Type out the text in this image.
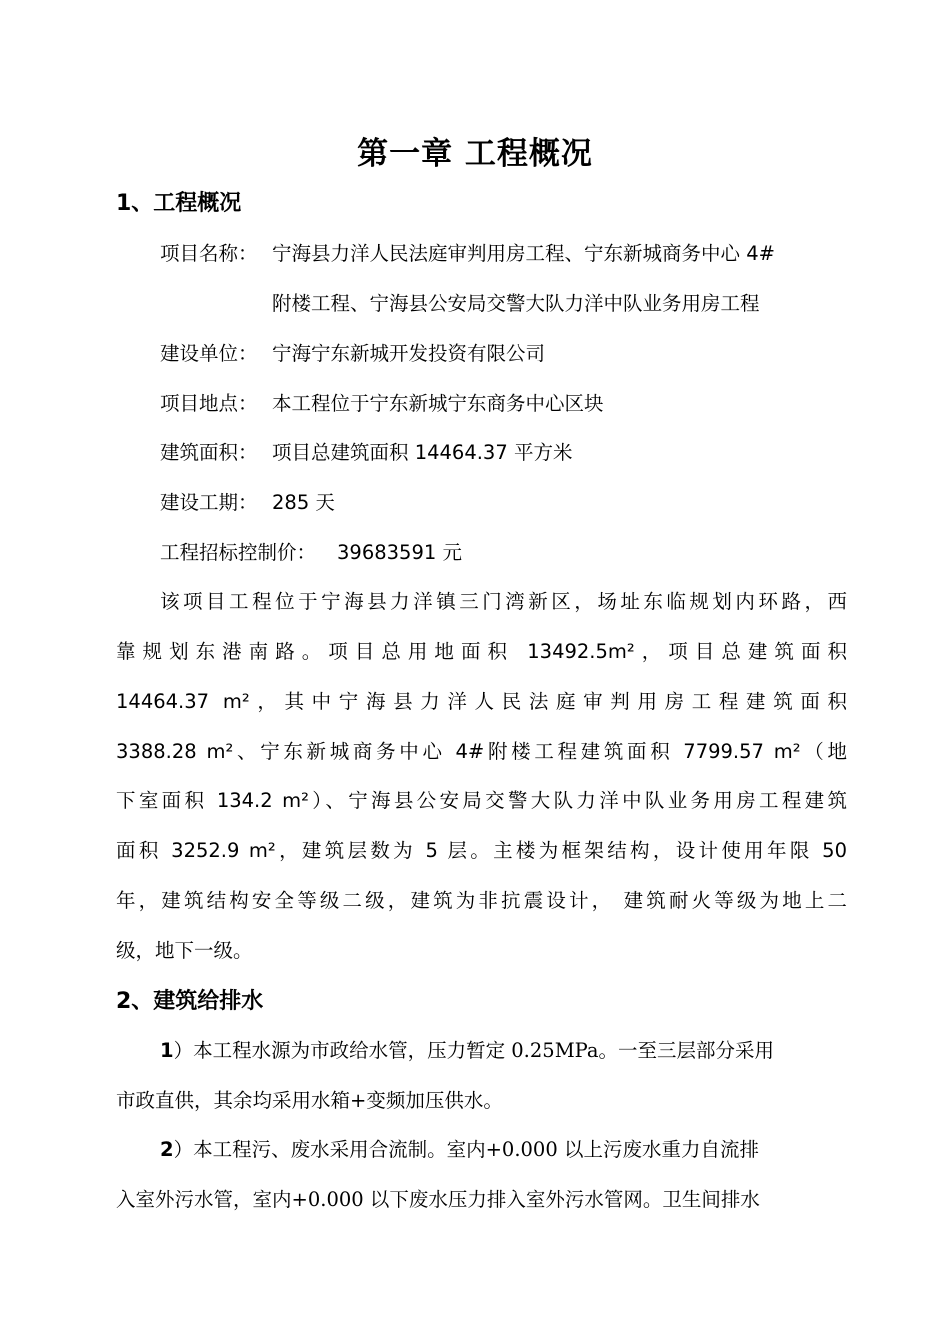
第一章 工程概况
1、工程概况
项目名称： 宁海县力洋人民法庭审判用房工程、宁东新城商务中心 4#
附楼工程、宁海县公安局交警大队力洋中队业务用房工程
建设单位： 宁海宁东新城开发投资有限公司
项目地点： 本工程位于宁东新城宁东商务中心区块
建筑面积： 项目总建筑面积 14464.37 平方米
建设工期： 285 天
工程招标控制价： 39683591 元
该项目工程位于宁海县力洋镇三门湾新区，场址东临规划内环路，西
靠规划东港南路。项目总用地面积 13492.5m²，项目总建筑面积
14464.37 m²，其中宁海县力洋人民法庭审判用房工程建筑面积
3388.28 m²、宁东新城商务中心 4#附楼工程建筑面积 7799.57 m²（地
下室面积 134.2 m²）、宁海县公安局交警大队力洋中队业务用房工程建筑
面积 3252.9 m²，建筑层数为 5 层。主楼为框架结构，设计使用年限 50
年，建筑结构安全等级二级，建筑为非抗震设计， 建筑耐火等级为地上二
级，地下一级。
2、建筑给排水
1）本工程水源为市政给水管，压力暂定 0.25MPa。一至三层部分采用
市政直供，其余均采用水箱+变频加压供水。
2）本工程污、废水采用合流制。室内+0.000 以上污废水重力自流排
入室外污水管，室内+0.000 以下废水压力排入室外污水管网。卫生间排水
